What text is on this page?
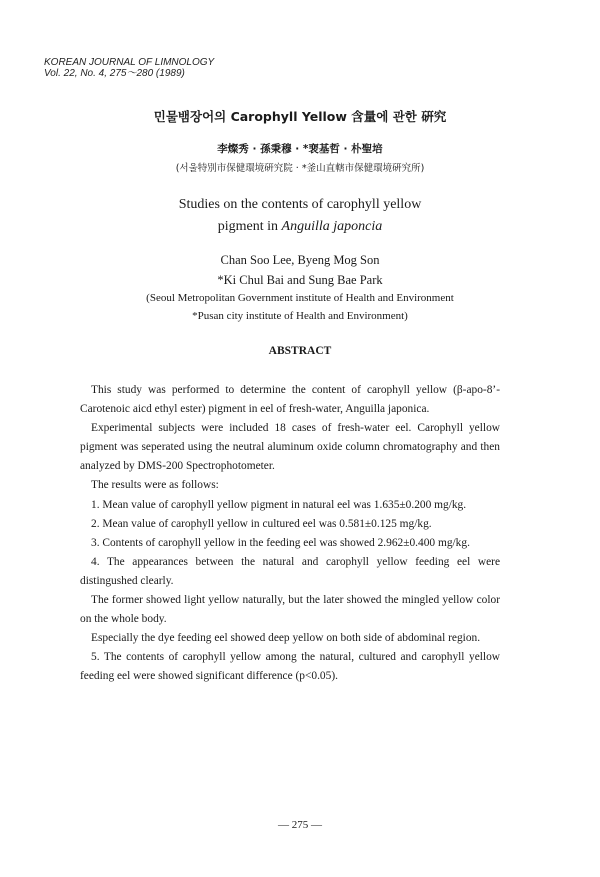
KOREAN JOURNAL OF LIMNOLOGY
Vol. 22, No. 4, 275～280 (1989)
민물뱀장어의 Carophyll Yellow 含量에 관한 硏究
李燦秀 · 孫秉穆 · *裵基哲 · 朴聖培
(서울特別市保健環境硏究院 · *釜山直轄市保健環境硏究所)
Studies on the contents of carophyll yellow
pigment in Anguilla japoncia
Chan Soo Lee, Byeng Mog Son
*Ki Chul Bai and Sung Bae Park
(Seoul Metropolitan Government institute of Health and Environment
*Pusan city institute of Health and Environment)
ABSTRACT

This study was performed to determine the content of carophyll yellow (β-apo-8’-Carotenoic aicd ethyl ester) pigment in eel of fresh-water, Anguilla japonica.

Experimental subjects were included 18 cases of fresh-water eel. Carophyll yellow pigment was seperated using the neutral aluminum oxide column chromatography and then analyzed by DMS-200 Spectrophotometer.

The results were as follows:

1. Mean value of carophyll yellow pigment in natural eel was 1.635±0.200 mg/kg.

2. Mean value of carophyll yellow in cultured eel was 0.581±0.125 mg/kg.

3. Contents of carophyll yellow in the feeding eel was showed 2.962±0.400 mg/kg.

4. The appearances between the natural and carophyll yellow feeding eel were distingushed clearly.

The former showed light yellow naturally, but the later showed the mingled yellow color on the whole body.

Especially the dye feeding eel showed deep yellow on both side of abdominal region.

5. The contents of carophyll yellow among the natural, cultured and carophyll yellow feeding eel were showed significant difference (p<0.05).

— 275 —
